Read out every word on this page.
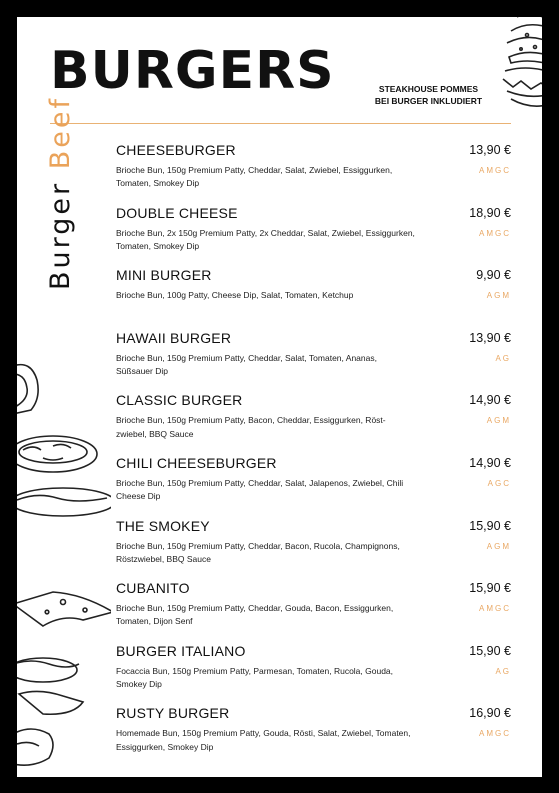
BURGERS	STEAKHOUSE POMMES
BEI BURGER INKLUDIERT
Burger Beef	CHEESEBURGER	13,90 €
Brioche Bun, 150g Premium Patty, Cheddar, Salat, Zwiebel, Essiggurken, Tomaten, Smokey Dip
AMGC
DOUBLE CHEESE	18,90 €
Brioche Bun, 2x 150g Premium Patty, 2x Cheddar, Salat, Zwiebel, Essiggurken, Tomaten, Smokey Dip
AMGC
MINI BURGER	9,90 €
Brioche Bun, 100g Patty, Cheese Dip, Salat, Tomaten, Ketchup	AGM
HAWAII BURGER	13,90 €
Brioche Bun, 150g Premium Patty, Cheddar, Salat, Tomaten, Ananas, Süßsauer Dip
AG
CLASSIC BURGER	14,90 €
Brioche Bun, 150g Premium Patty, Bacon, Cheddar, Essiggurken, Röst-zwiebel, BBQ Sauce
AGM
CHILI CHEESEBURGER	14,90 €
Brioche Bun, 150g Premium Patty, Cheddar, Salat, Jalapenos, Zwiebel, Chili Cheese Dip
AGC
THE SMOKEY	15,90 €
Brioche Bun, 150g Premium Patty, Cheddar, Bacon, Rucola, Champignons, Röstzwiebel, BBQ Sauce
AGM
CUBANITO	15,90 €
Brioche Bun, 150g Premium Patty, Cheddar, Gouda, Bacon, Essiggurken, Tomaten, Dijon Senf
AMGC
BURGER ITALIANO	15,90 €
Focaccia Bun, 150g Premium Patty, Parmesan, Tomaten, Rucola, Gouda, Smokey Dip
AG
RUSTY BURGER	16,90 €
Homemade Bun, 150g Premium Patty, Gouda, Rösti, Salat, Zwiebel, Tomaten, Essiggurken, Smokey Dip
AMGC
